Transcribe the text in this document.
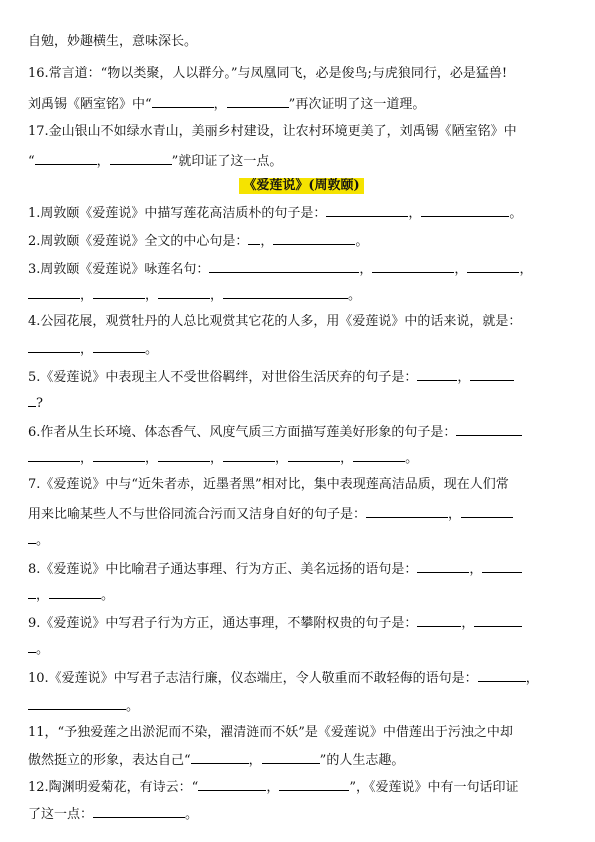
自勉，妙趣横生，意味深长。
16.常言道：“物以类聚，人以群分。”与凤凰同飞，必是俊鸟;与虎狼同行，必是猛兽!
刘禹锡《陋室铭》中“	，	”再次证明了这一道理。
17.金山银山不如绿水青山，美丽乡村建设，让农村环境更美了，刘禹锡《陋室铭》中
“	，	”就印证了这一点。
《爱莲说》(周敦颐)
1.周敦颐《爱莲说》中描写莲花高洁质朴的句子是：	，	。
2.周敦颐《爱莲说》全文的中心句是： ，	。
3.周敦颐《爱莲说》咏莲名句：	，	，	，
，	，	，	。
4.公园花展，观赏牡丹的人总比观赏其它花的人多，用《爱莲说》中的话来说，就是：
，	。
5.《爱莲说》中表现主人不受世俗羁绊，对世俗生活厌弃的句子是：	，
?
6.作者从生长环境、体态香气、风度气质三方面描写莲美好形象的句子是：
，	，	，	，	，	。
7.《爱莲说》中与“近朱者赤，近墨者黑”相对比，集中表现莲高洁品质，现在人们常
用来比喻某些人不与世俗同流合污而又洁身自好的句子是：	，
。
8.《爱莲说》中比喻君子通达事理、行为方正、美名远扬的语句是：	，
，	。
9.《爱莲说》中写君子行为方正，通达事理，不攀附权贵的句子是：	，
。
10.《爱莲说》中写君子志洁行廉，仪态端庄，令人敬重而不敢轻侮的语句是：	，
。
11，“予独爱莲之出淤泥而不染，濯清涟而不妖”是《爱莲说》中借莲出于污浊之中却
傲然挺立的形象，表达自己“	，	”的人生志趣。
12.陶渊明爱菊花，有诗云：“	，	”，《爱莲说》中有一句话印证
了这一点：	。
